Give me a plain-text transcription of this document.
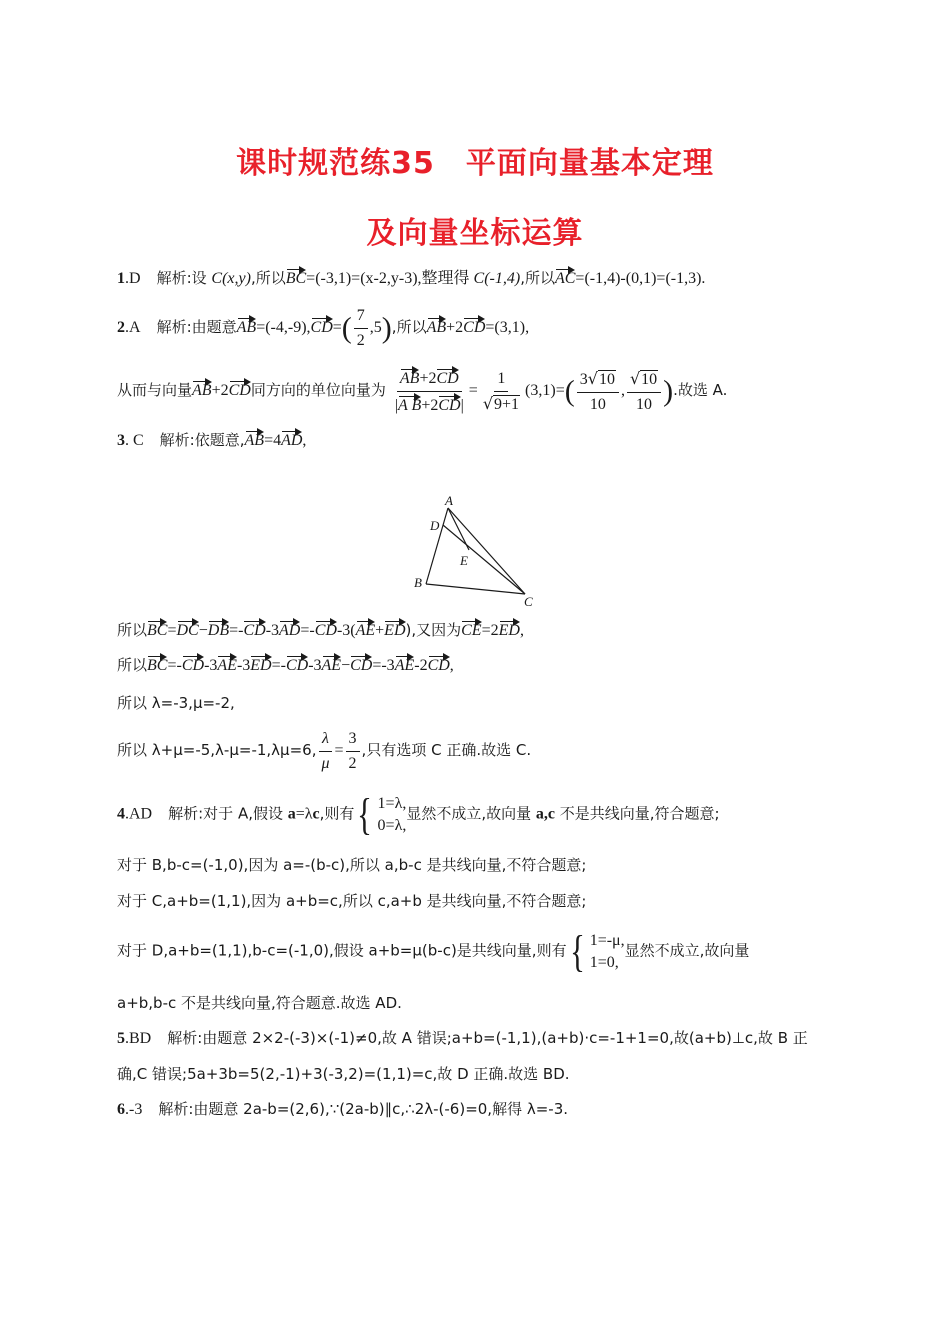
课时规范练35　平面向量基本定理
及向量坐标运算
1.D 解析:设 C(x,y),所以BC=(-3,1)=(x-2,y-3),整理得 C(-1,4),所以AC=(-1,4)-(0,1)=(-1,3).
2.A 解析:由题意$AB=(-4,-9),CD=( \frac{7}{2} ,5)$,所以AB+2CD=(3,1),
从而与向量AB+2CD同方向的单位向量为 $\frac{AB+2CD}{\text{|A B+2CD|}} = \frac{1}{√9+1} (3,1)=( \frac{3√10}{10}$ , $\frac{√10}{10}$ ).故选 A.
3. C 解析:依题意,AB=4AD,
A
D
E
B
C
所以BC=DC−DB=-CD-3AD=-CD-3(AE+ED),又因为CE=2ED,
所以BC=-CD-3AE-3ED=-CD-3AE−CD=-3AE-2CD,
所以 λ=-3,μ=-2,
所以 λ+μ=-5,λ-μ=-1,λμ=6, $\frac{\lambda}{\mu} = \frac{3}{2}$ ,只有选项 C 正确.故选 C.
4.AD 解析:对于 A,假设 a=λc,则有 { 1=λ,
0=λ,
显然不成立,故向量 a,c 不是共线向量,符合题意;
对于 B,b-c=(-1,0),因为 a=-(b-c),所以 a,b-c 是共线向量,不符合题意;
对于 C,a+b=(1,1),因为 a+b=c,所以 c,a+b 是共线向量,不符合题意;
对于 D,a+b=(1,1),b-c=(-1,0),假设 a+b=μ(b-c)是共线向量,则有 { 1=-μ,
1=0,
显然不成立,故向量
a+b,b-c 不是共线向量,符合题意.故选 AD.
5.BD 解析:由题意 2×2-(-3)×(-1)≠0,故 A 错误;a+b=(-1,1),(a+b)·c=-1+1=0,故(a+b)⊥c,故 B 正
确,C 错误;5a+3b=5(2,-1)+3(-3,2)=(1,1)=c,故 D 正确.故选 BD.
6.-3 解析:由题意 2a-b=(2,6),∵(2a-b)∥c,∴2λ-(-6)=0,解得 λ=-3.
